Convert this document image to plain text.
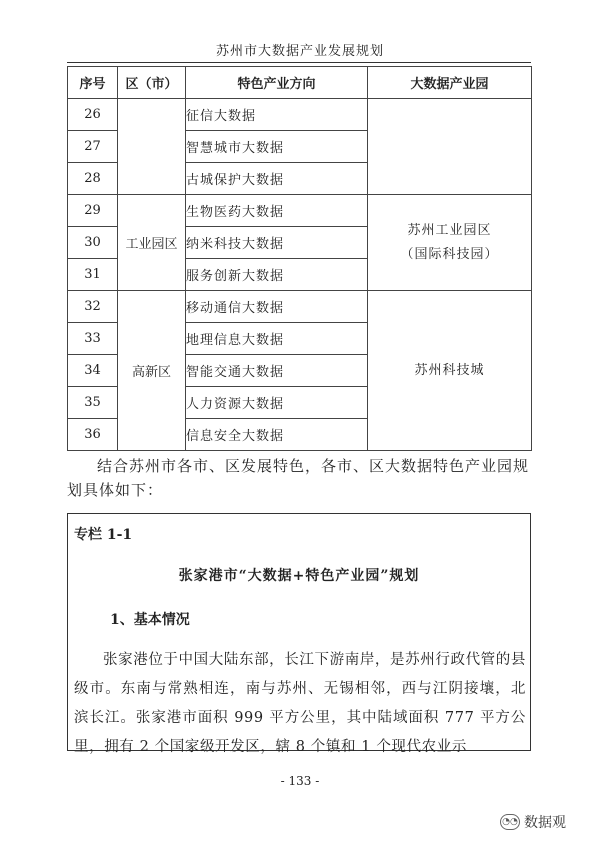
苏州市大数据产业发展规划
序号	区（市）	特色产业方向	大数据产业园
26		征信大数据	
27		智慧城市大数据	
28		古城保护大数据	
29	工业园区	生物医药大数据	苏州工业园区
（国际科技园）

30		纳米科技大数据	
31		服务创新大数据	
32	高新区	移动通信大数据	苏州科技城

33		地理信息大数据	
34		智能交通大数据	
35		人力资源大数据	
36		信息安全大数据	
结合苏州市各市、区发展特色，各市、区大数据特色产业园规划具体如下：
专栏 1-1
张家港市“大数据+特色产业园”规划
1、基本情况
张家港位于中国大陆东部，长江下游南岸，是苏州行政代管的县级市。东南与常熟相连，南与苏州、无锡相邻，西与江阴接壤，北滨长江。张家港市面积 999 平方公里，其中陆域面积 777 平方公里，拥有 2 个国家级开发区，辖 8 个镇和 1 个现代农业示
- 133 -
◔◔ 数据观
